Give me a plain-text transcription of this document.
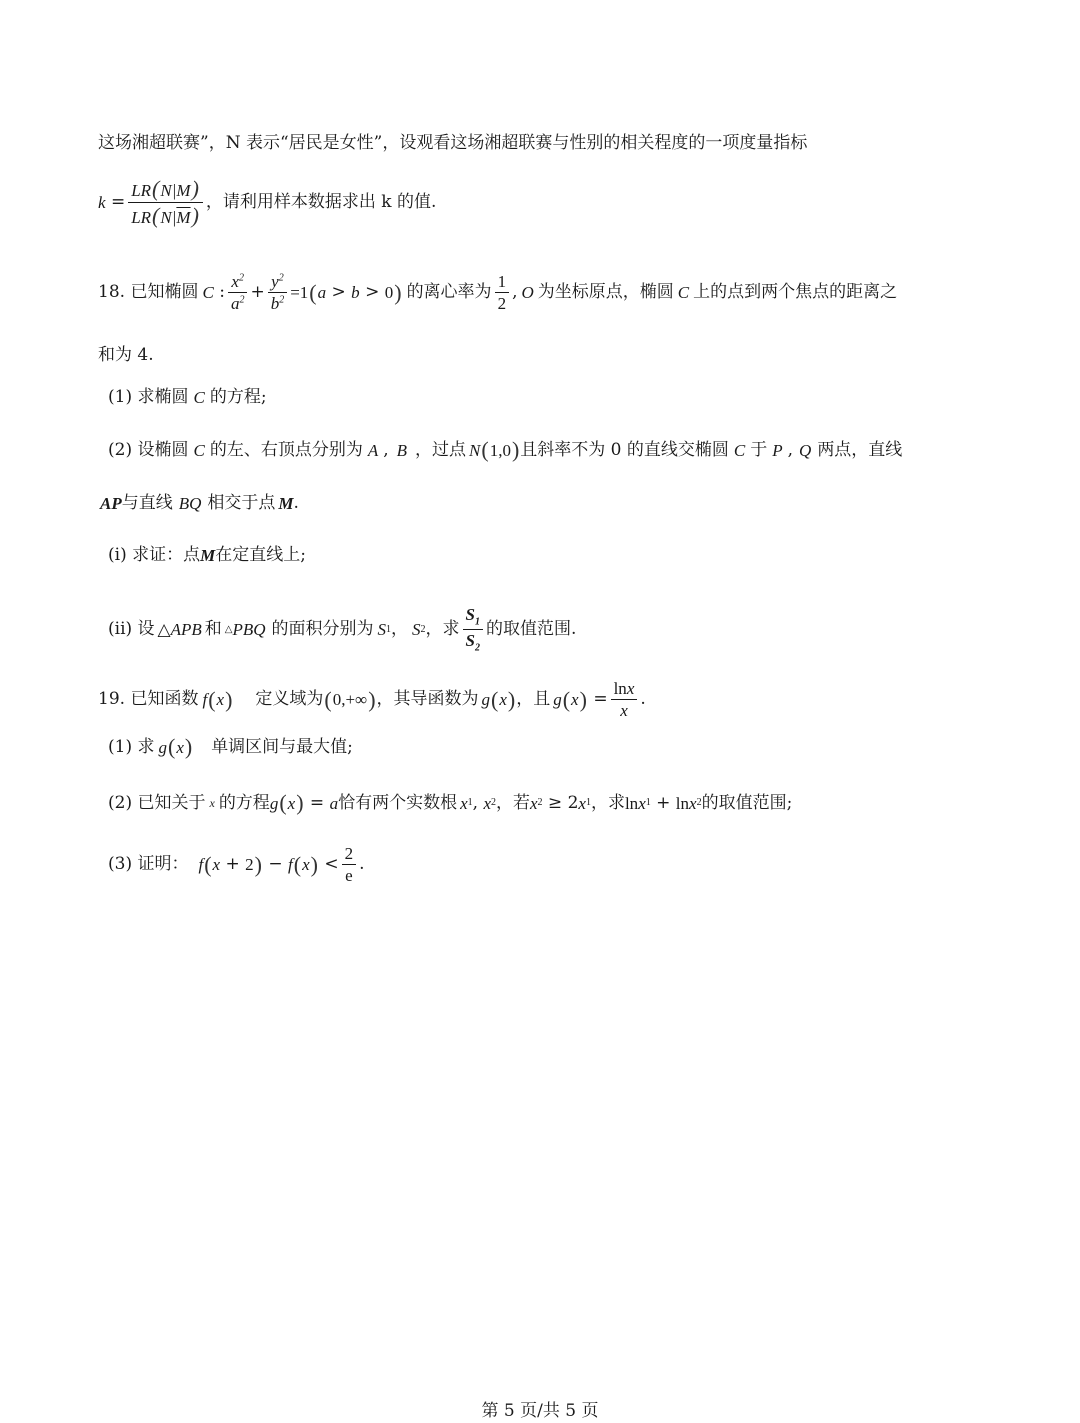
这场湘超联赛”，N 表示“居民是女性”，设观看这场湘超联赛与性别的相关程度的一项度量指标
$k = \frac{LR(N|M)}{LR(N|\overline{M})}$ ，请利用样本数据求出 k 的值.
18. 已知椭圆 C : $\frac{x^2}{a^2} + \frac{y^2}{b^2} =1$ ( a > b > 0 ) 的离心率为 $\frac{1}{2}$ , O 为坐标原点，椭圆 C 上的点到两个焦点的距离之
和为 4.
(1) 求椭圆 C 的方程;
(2) 设椭圆 C 的左、右顶点分别为 A , B ，过点 N ( 1,0 ) 且斜率不为 0 的直线交椭圆 C 于 P , Q 两点，直线
AP 与直线 BQ 相交于点 M .
(i) 求证：点 M 在定直线上;
(ii) 设 △ APB 和 △ PBQ 的面积分别为 S 1 ， S 2 ，求 $\frac{S_1}{S_2}$ 的取值范围.
19. 已知函数 f ( x ) 定义域为 ( 0,+∞ ) ，其导函数为 g ( x ) ，且 g ( x ) = $\frac{\ln x}{x}$ .
(1) 求 g ( x ) 单调区间与最大值;
(2) 已知关于 x 的方程 g ( x ) = a 恰有两个实数根 x 1 , x 2 ，若 x 2 ≥ 2 x 1 ，求 ln x 1 + ln x 2 的取值范围;
(3) 证明： f ( x + 2 ) − f ( x ) < $\frac{2}{e}$ .
第 5 页/共 5 页
